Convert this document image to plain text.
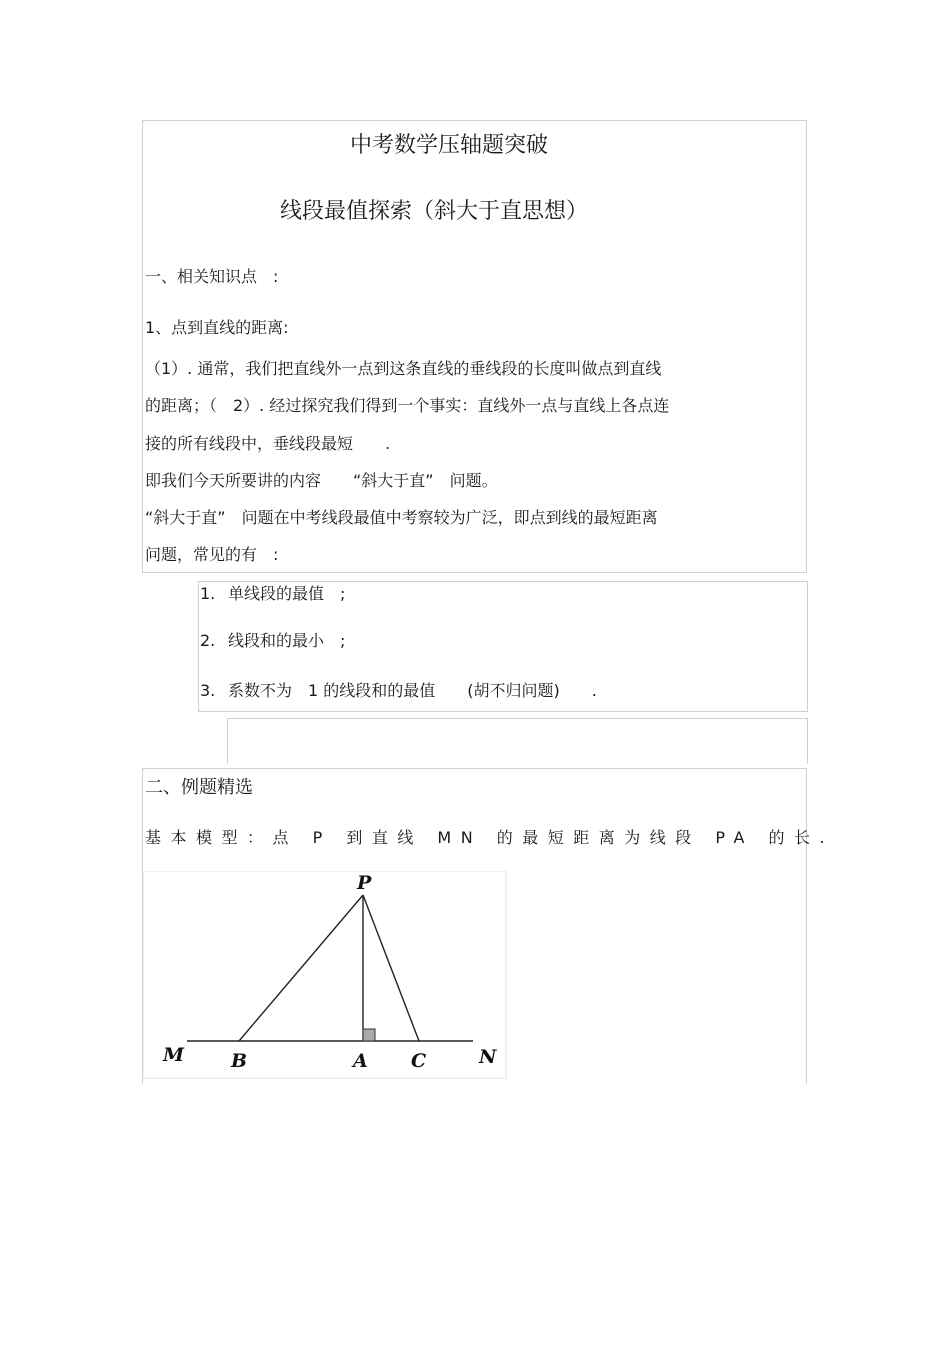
中考数学压轴题突破
线段最值探索（斜大于直思想）
一、相关知识点　:
1、点到直线的距离:
（1）. 通常，我们把直线外一点到这条直线的垂线段的长度叫做点到直线
的距离；（　2）. 经过探究我们得到一个事实：直线外一点与直线上各点连
接的所有线段中，垂线段最短　　.
即我们今天所要讲的内容　　“斜大于直”　问题。
“斜大于直”　问题在中考线段最值中考察较为广泛，即点到线的最短距离
问题，常见的有　:
1. 单线段的最值　;
2. 线段和的最小　;
3. 系数不为　1 的线段和的最值　　(胡不归问题)　　.
二、例题精选
基本模型：点 P 到直线 MN 的最短距离为线段 PA 的长.
P
M B	A C	N
